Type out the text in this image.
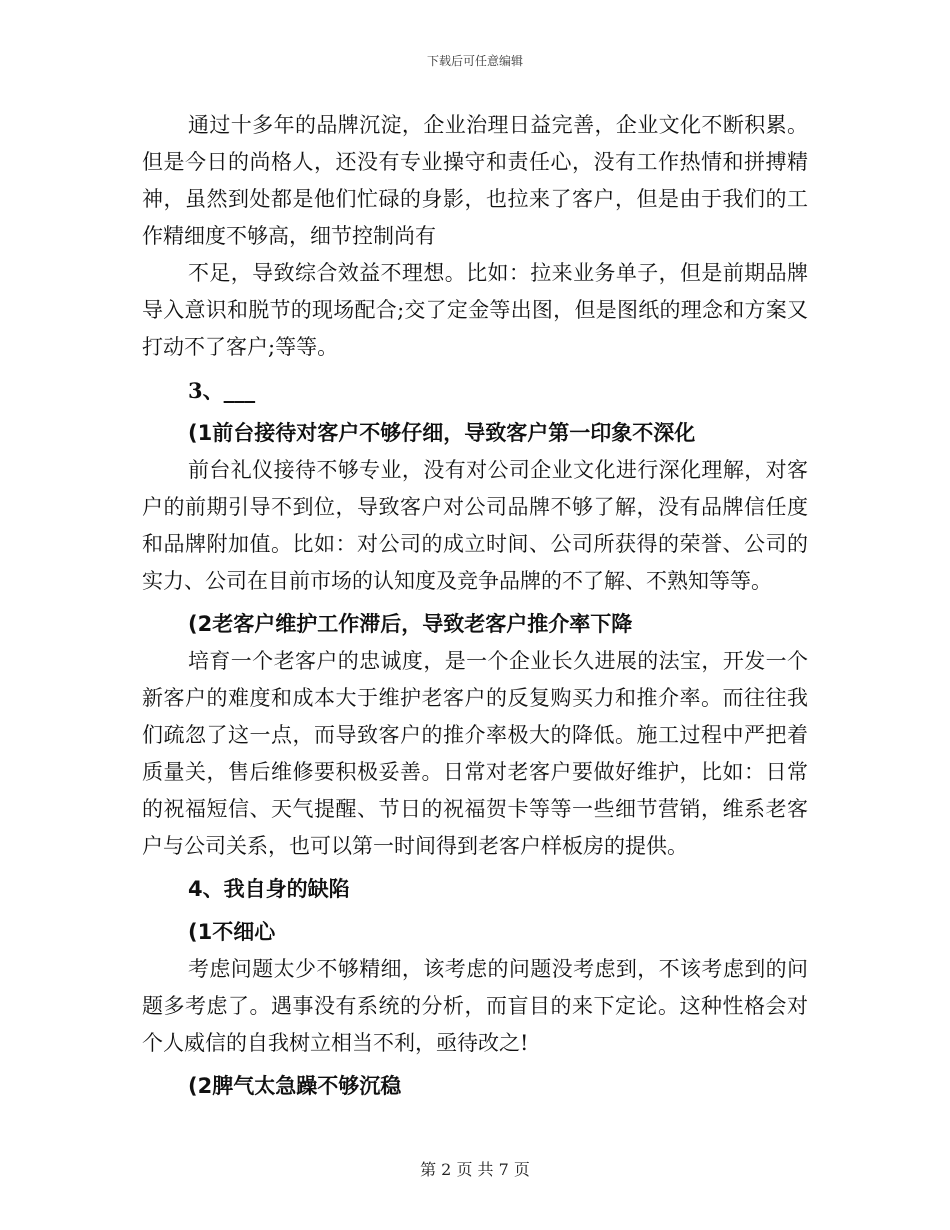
下载后可任意编辑

通过十多年的品牌沉淀，企业治理日益完善，企业文化不断积累。但是今日的尚格人，还没有专业操守和责任心，没有工作热情和拼搏精神，虽然到处都是他们忙碌的身影，也拉来了客户，但是由于我们的工作精细度不够高，细节控制尚有

不足，导致综合效益不理想。比如：拉来业务单子，但是前期品牌导入意识和脱节的现场配合;交了定金等出图，但是图纸的理念和方案又打动不了客户;等等。

3、___

(1前台接待对客户不够仔细，导致客户第一印象不深化

前台礼仪接待不够专业，没有对公司企业文化进行深化理解，对客户的前期引导不到位，导致客户对公司品牌不够了解，没有品牌信任度和品牌附加值。比如：对公司的成立时间、公司所获得的荣誉、公司的实力、公司在目前市场的认知度及竞争品牌的不了解、不熟知等等。

(2老客户维护工作滞后，导致老客户推介率下降

培育一个老客户的忠诚度，是一个企业长久进展的法宝，开发一个新客户的难度和成本大于维护老客户的反复购买力和推介率。而往往我们疏忽了这一点，而导致客户的推介率极大的降低。施工过程中严把着质量关，售后维修要积极妥善。日常对老客户要做好维护，比如：日常的祝福短信、天气提醒、节日的祝福贺卡等等一些细节营销，维系老客户与公司关系，也可以第一时间得到老客户样板房的提供。

4、我自身的缺陷

(1不细心

考虑问题太少不够精细，该考虑的问题没考虑到，不该考虑到的问题多考虑了。遇事没有系统的分析，而盲目的来下定论。这种性格会对个人威信的自我树立相当不利，亟待改之!

(2脾气太急躁不够沉稳

第 2 页 共 7 页
